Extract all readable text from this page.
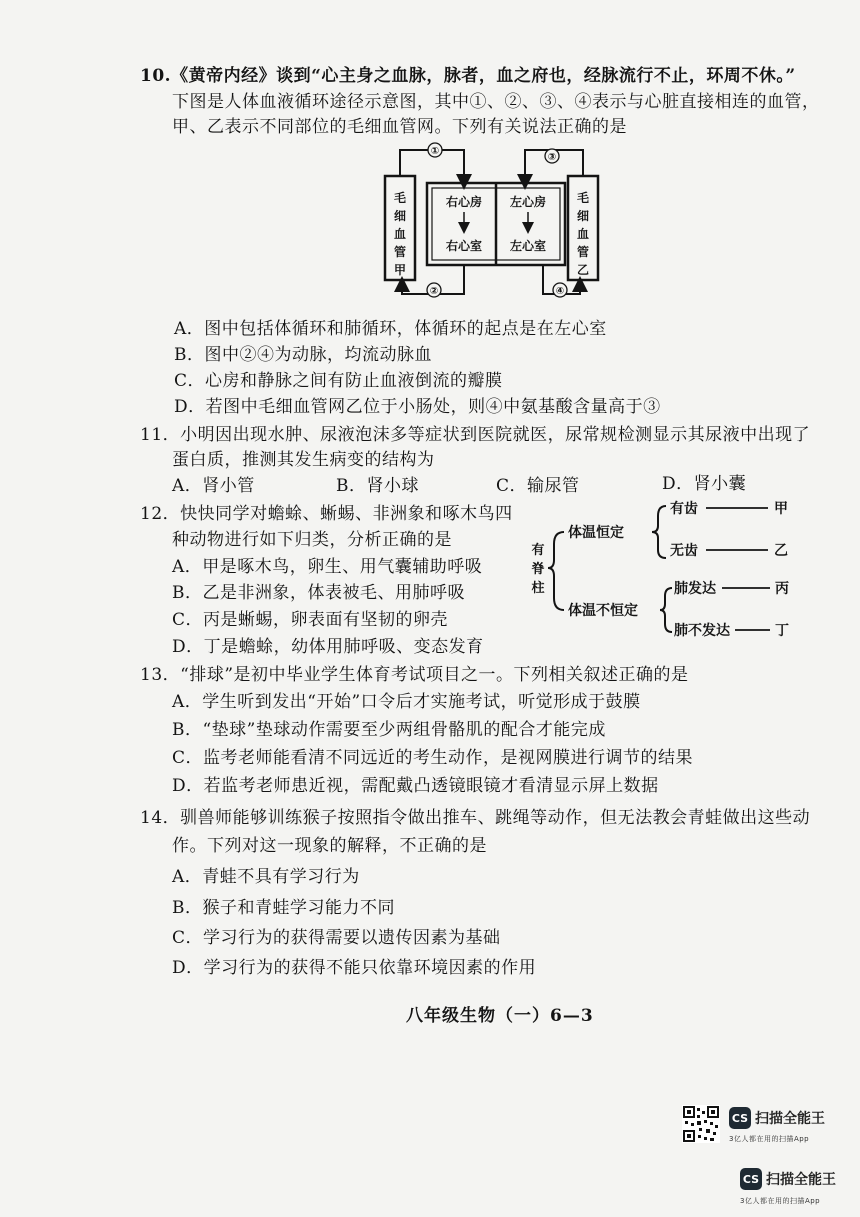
10.《黄帝内经》谈到“心主身之血脉，脉者，血之府也，经脉流行不止，环周不休。”
下图是人体血液循环途径示意图，其中①、②、③、④表示与心脏直接相连的血管，
甲、乙表示不同部位的毛细血管网。下列有关说法正确的是
①
③
②	④
右心房
右心室
左心房
左心室
毛
细
血
管
甲
毛
细
血
管
乙
A．图中包括体循环和肺循环，体循环的起点是在左心室
B．图中②④为动脉，均流动脉血
C．心房和静脉之间有防止血液倒流的瓣膜
D．若图中毛细血管网乙位于小肠处，则④中氨基酸含量高于③
11．小明因出现水肿、尿液泡沫多等症状到医院就医，尿常规检测显示其尿液中出现了
蛋白质，推测其发生病变的结构为
A．肾小管	B．肾小球	C．输尿管	D．肾小囊
12．快快同学对蟾蜍、蜥蜴、非洲象和啄木鸟四
种动物进行如下归类，分析正确的是
A．甲是啄木鸟，卵生、用气囊辅助呼吸
B．乙是非洲象，体表被毛、用肺呼吸
C．丙是蜥蜴，卵表面有坚韧的卵壳
D．丁是蟾蜍，幼体用肺呼吸、变态发育
有
脊
柱
体温恒定
体温不恒定
有齿	甲
无齿	乙
肺发达	丙
肺不发达	丁
13．“排球”是初中毕业学生体育考试项目之一。下列相关叙述正确的是
A．学生听到发出“开始”口令后才实施考试，听觉形成于鼓膜
B．“垫球”垫球动作需要至少两组骨骼肌的配合才能完成
C．监考老师能看清不同远近的考生动作，是视网膜进行调节的结果
D．若监考老师患近视，需配戴凸透镜眼镜才看清显示屏上数据
14．驯兽师能够训练猴子按照指令做出推车、跳绳等动作，但无法教会青蛙做出这些动
作。下列对这一现象的解释，不正确的是
A．青蛙不具有学习行为
B．猴子和青蛙学习能力不同
C．学习行为的获得需要以遗传因素为基础
D．学习行为的获得不能只依靠环境因素的作用
八年级生物（一）6—3
CS 扫描全能王
3亿人都在用的扫描App
CS 扫描全能王
3亿人都在用的扫描App
